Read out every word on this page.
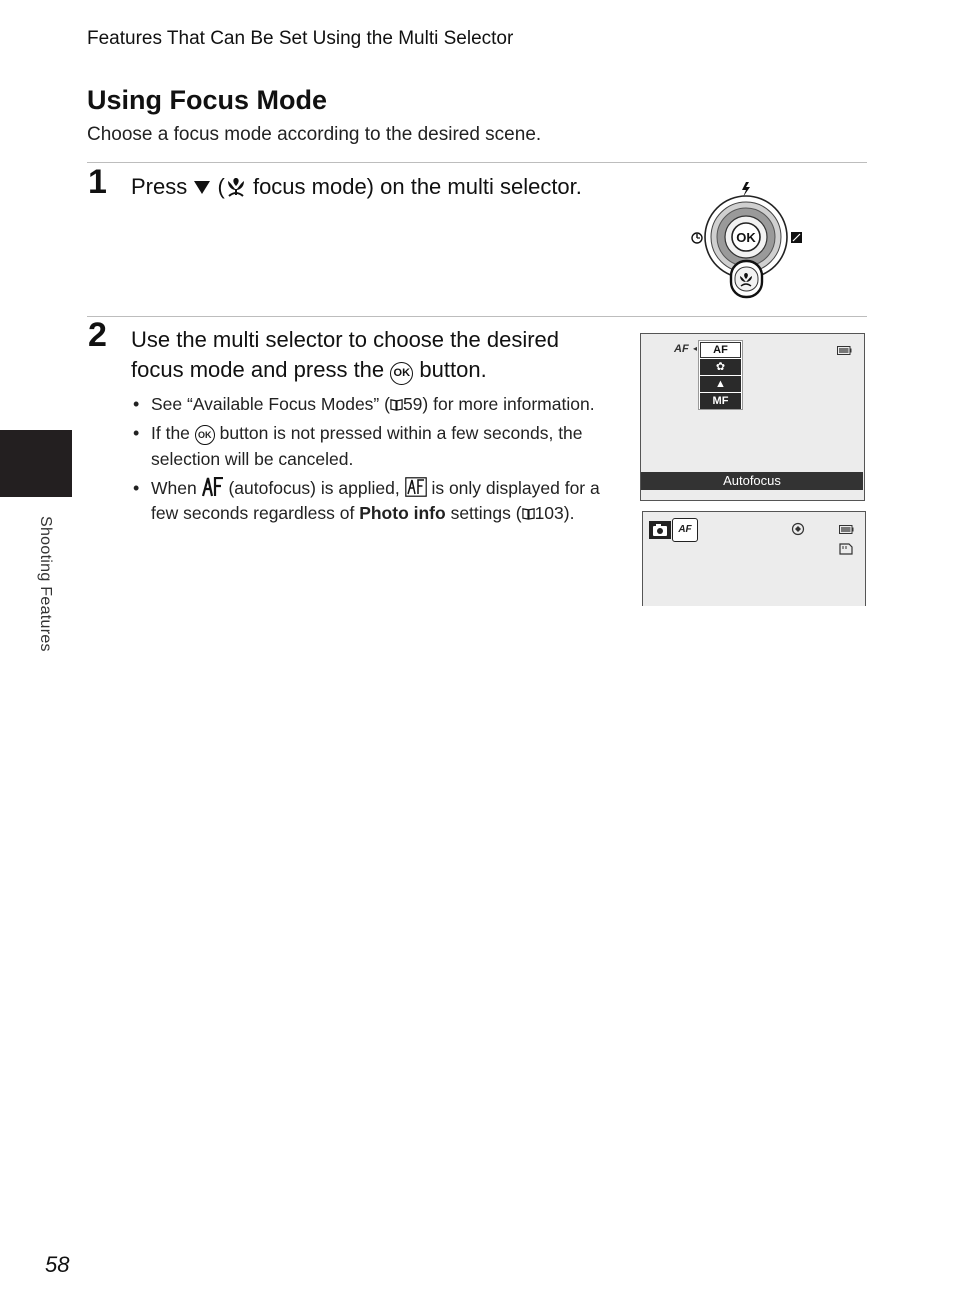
Features That Can Be Set Using the Multi Selector
Using Focus Mode
Choose a focus mode according to the desired scene.
1 Press  ( focus mode) on the multi selector.
OK
2 Use the multi selector to choose the desired focus mode and press the OK button.
• See “Available Focus Modes” ( 59) for more information.
• If the OK button is not pressed within a few seconds, the selection will be canceled.
• When (autofocus) is applied, is only displayed for a few seconds regardless of Photo info settings ( 103).
AF ◂	AF
✿
▲
MF
Autofocus
AF
Shooting Features
58
